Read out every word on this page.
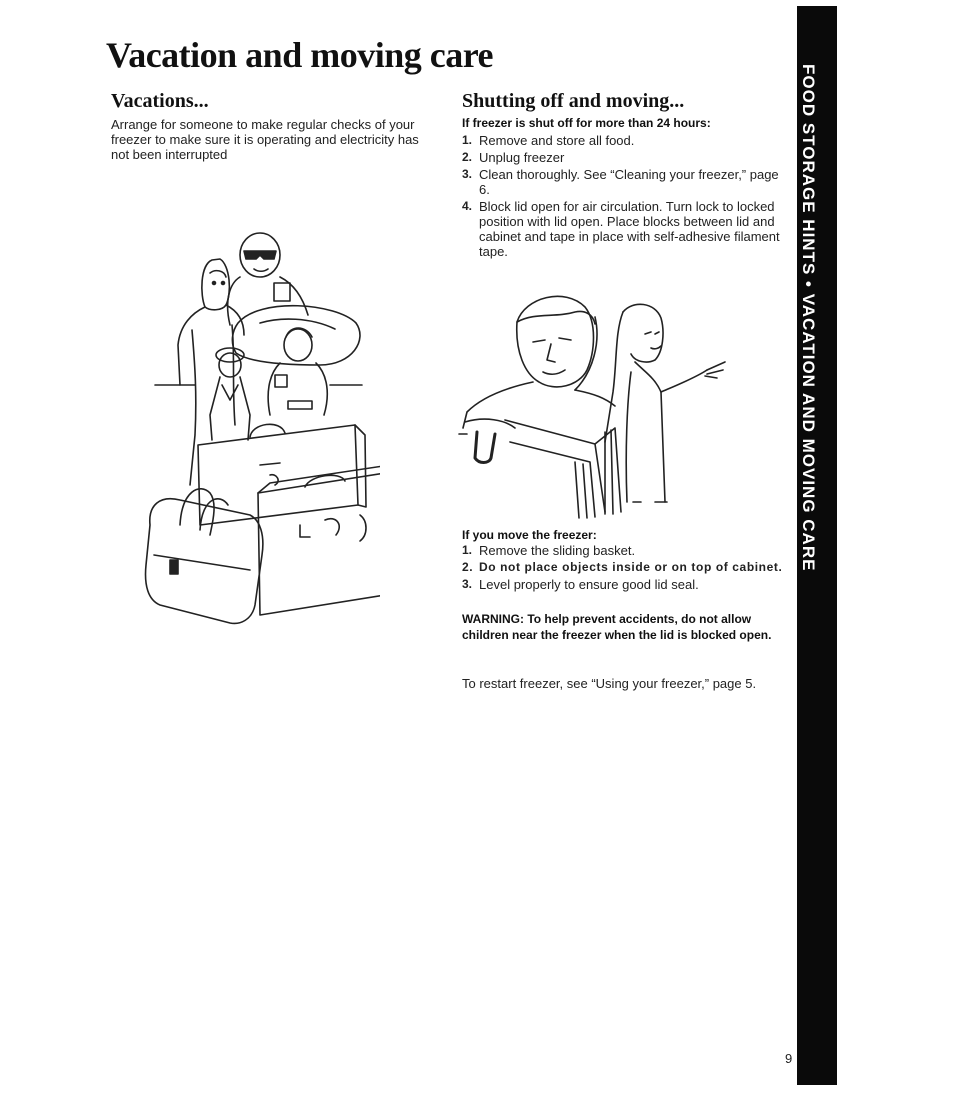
Vacation and moving care
Vacations...
Arrange for someone to make regular checks of your freezer to make sure it is operating and electricity has not been interrupted
Shutting off and moving...
If freezer is shut off for more than 24 hours:
1. Remove and store all food.
2. Unplug freezer
3. Clean thoroughly. See “Cleaning your freezer,” page 6.
4. Block lid open for air circulation. Turn lock to locked position with lid open. Place blocks between lid and cabinet and tape in place with self-adhesive filament tape.
If you move the freezer:
1. Remove the sliding basket.
2. Do not place objects inside or on top of cabinet.
3. Level properly to ensure good lid seal.
WARNING: To help prevent accidents, do not allow children near the freezer when the lid is blocked open.
To restart freezer, see “Using your freezer,” page 5.
FOOD STORAGE HINTS • VACATION AND MOVING CARE
9
